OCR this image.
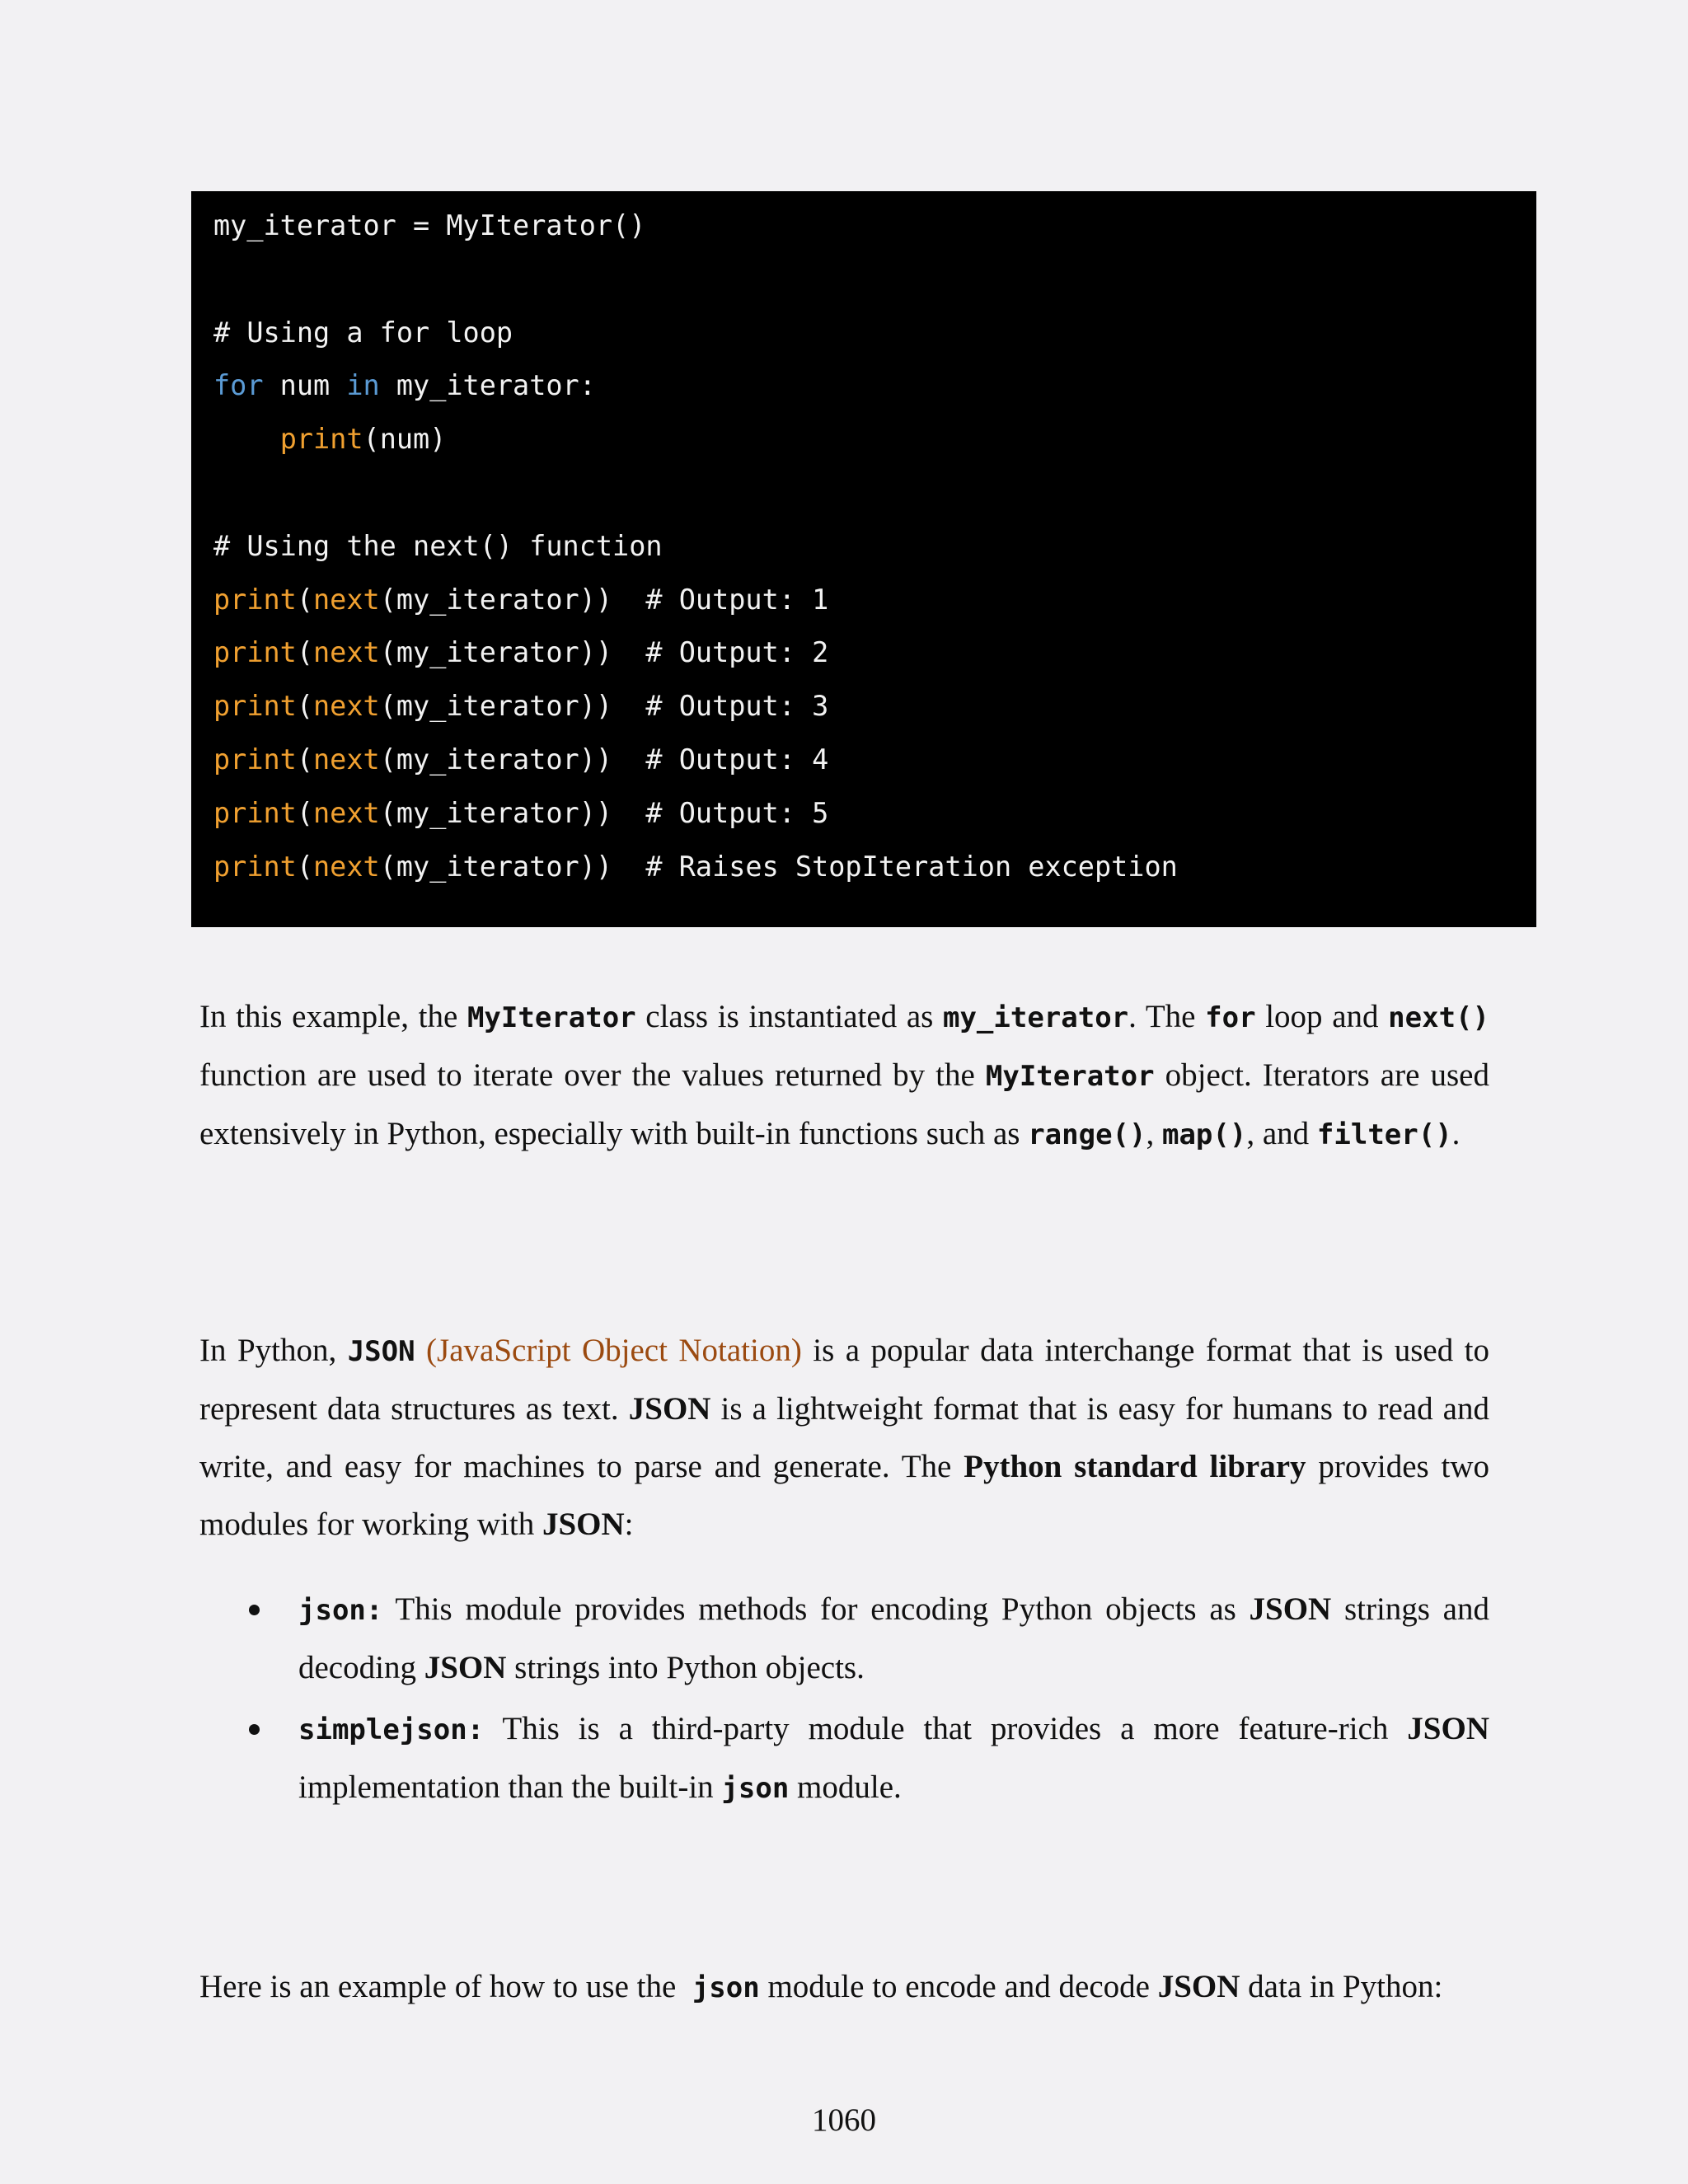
my_iterator = MyIterator()

# Using a for loop
for num in my_iterator:
print(num)

# Using the next() function
print(next(my_iterator))  # Output: 1
print(next(my_iterator))  # Output: 2
print(next(my_iterator))  # Output: 3
print(next(my_iterator))  # Output: 4
print(next(my_iterator))  # Output: 5
print(next(my_iterator))  # Raises StopIteration exception

In this example, the MyIterator class is instantiated as my_iterator. The for loop and next() function are used to iterate over the values returned by the MyIterator object. Iterators are used extensively in Python, especially with built-in functions such as range(), map(), and filter().

In Python, JSON (JavaScript Object Notation) is a popular data interchange format that is used to represent data structures as text. JSON is a lightweight format that is easy for humans to read and write, and easy for machines to parse and generate. The Python standard library provides two modules for working with JSON:

json: This module provides methods for encoding Python objects as JSON strings and decoding JSON strings into Python objects.
simplejson: This is a third-party module that provides a more feature-rich JSON implementation than the built-in json module.

Here is an example of how to use the  json module to encode and decode JSON data in Python:

1060
